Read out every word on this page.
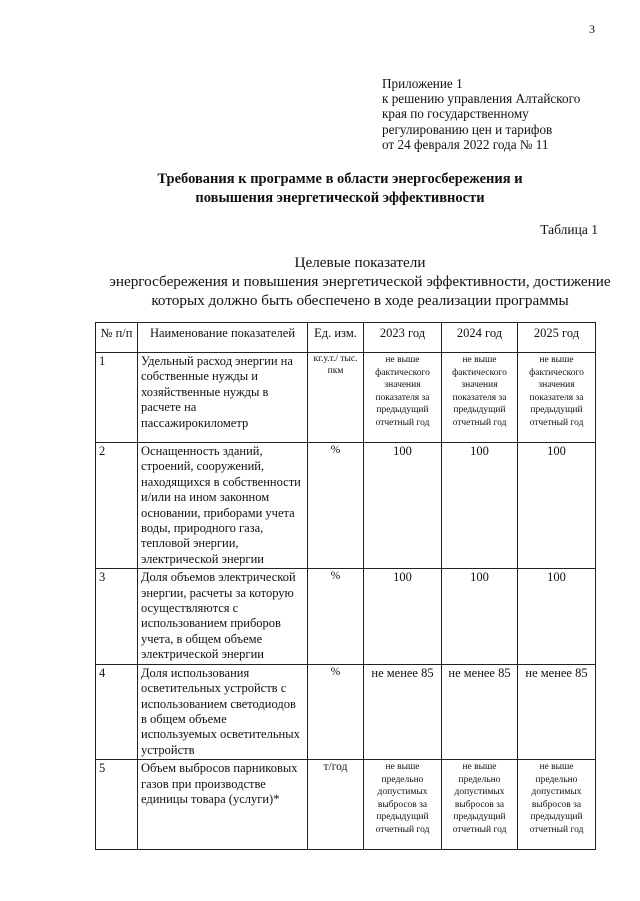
3
Приложение 1
к решению управления Алтайского
края по государственному
регулированию цен и тарифов
от 24 февраля 2022 года № 11
Требования к программе в области энергосбережения и
повышения энергетической эффективности
Таблица 1
Целевые показатели
энергосбережения и повышения энергетической эффективности, достижение
которых должно быть обеспечено в ходе реализации программы
№ п/п	Наименование показателей	Ед. изм.	2023 год	2024 год	2025 год
1	Удельный расход энергии на собственные нужды и хозяйственные нужды в расчете на пассажирокилометр	кг.у.т./ тыс. пкм	не выше фактического значения показателя за предыдущий отчетный год	не выше фактического значения показателя за предыдущий отчетный год	не выше фактического значения показателя за предыдущий отчетный год
2	Оснащенность зданий, строений, сооружений, находящихся в собственности и/или на ином законном основании, приборами учета воды, природного газа, тепловой энергии, электрической энергии	%	100	100	100
3	Доля объемов электрической энергии, расчеты за которую осуществляются с использованием приборов учета, в общем объеме электрической энергии	%	100	100	100
4	Доля использования осветительных устройств с использованием светодиодов в общем объеме используемых осветительных устройств	%	не менее 85	не менее 85	не менее 85
5	Объем выбросов парниковых газов при производстве единицы товара (услуги)*	т/год	не выше предельно допустимых выбросов за предыдущий отчетный год	не выше предельно допустимых выбросов за предыдущий отчетный год	не выше предельно допустимых выбросов за предыдущий отчетный год
